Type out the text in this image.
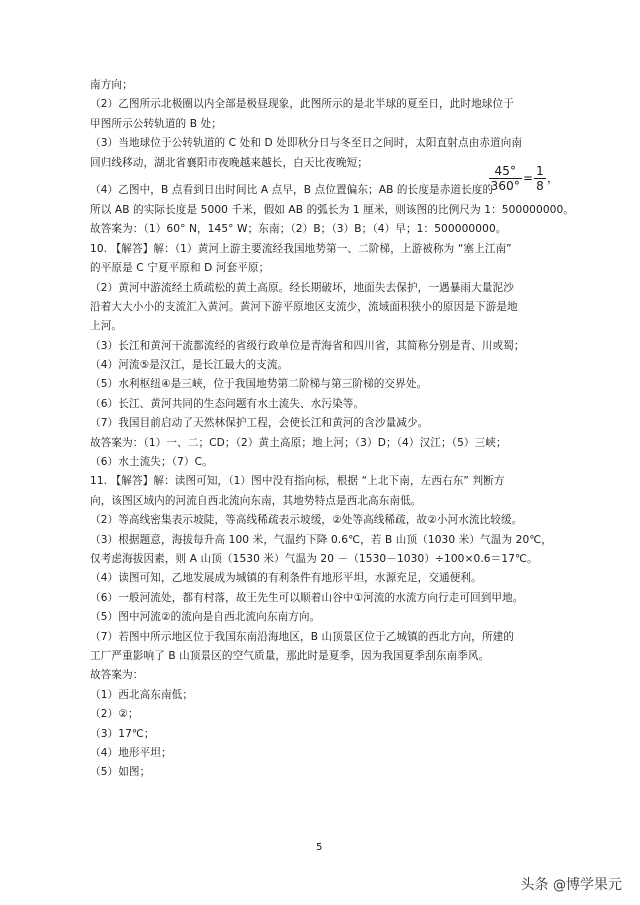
南方向；
（2）乙图所示北极圈以内全部是极昼现象，此图所示的是北半球的夏至日，此时地球位于
甲图所示公转轨道的 B 处；
（3）当地球位于公转轨道的 C 处和 D 处即秋分日与冬至日之间时，太阳直射点由赤道向南
回归线移动，湖北省襄阳市夜晚越来越长，白天比夜晚短；
（4）乙图中，B 点看到日出时间比 A 点早，B 点位置偏东；AB 的长度是赤道长度的
$\frac{45^\circ}{360^\circ} = \frac{1}{8}$ ，
所以 AB 的实际长度是 5000 千米，假如 AB 的弧长为 1 厘米，则该图的比例尺为 1：500000000。
故答案为：（1）60° N，145° W；东南；（2）B；（3）B；（4）早；1：500000000。
10. 【解答】解：（1）黄河上游主要流经我国地势第一、二阶梯，上游被称为 “塞上江南”
的平原是 C 宁夏平原和 D 河套平原；
（2）黄河中游流经土质疏松的黄土高原。经长期破坏，地面失去保护，一遇暴雨大量泥沙
沿着大大小小的支流汇入黄河。黄河下游平原地区支流少，流域面积狭小的原因是下游是地
上河。
（3）长江和黄河干流都流经的省级行政单位是青海省和四川省，其简称分别是青、川或蜀；
（4）河流⑤是汉江，是长江最大的支流。
（5）水利枢纽④是三峡，位于我国地势第二阶梯与第三阶梯的交界处。
（6）长江、黄河共同的生态问题有水土流失、水污染等。
（7）我国目前启动了天然林保护工程，会使长江和黄河的含沙量减少。
故答案为：（1）一、二；CD；（2）黄土高原；地上河；（3）D；（4）汉江；（5）三峡；
（6）水土流失；（7）C。
11. 【解答】解：读图可知，（1）图中没有指向标，根据 “上北下南，左西右东” 判断方
向，该图区域内的河流自西北流向东南，其地势特点是西北高东南低。
（2）等高线密集表示坡陡，等高线稀疏表示坡缓，②处等高线稀疏，故②小河水流比较缓。
（3）根据题意，海拔每升高 100 米，气温约下降 0.6℃，若 B 山顶（1030 米）气温为 20℃，
仅考虑海拔因素，则 A 山顶（1530 米）气温为 20 －（1530－1030）÷100×0.6＝17℃。
（4）读图可知，乙地发展成为城镇的有利条件有地形平坦，水源充足，交通便利。
（6）一般河流处，都有村落，故王先生可以顺着山谷中①河流的水流方向行走可回到甲地。
（5）图中河流②的流向是自西北流向东南方向。
（7）若图中所示地区位于我国东南沿海地区，B 山顶景区位于乙城镇的西北方向，所建的
工厂严重影响了 B 山顶景区的空气质量，那此时是夏季，因为我国夏季刮东南季风。
故答案为：
（1）西北高东南低；
（2）②；
（3）17℃；
（4）地形平坦；
（5）如图；
5
头条 @博学果元
